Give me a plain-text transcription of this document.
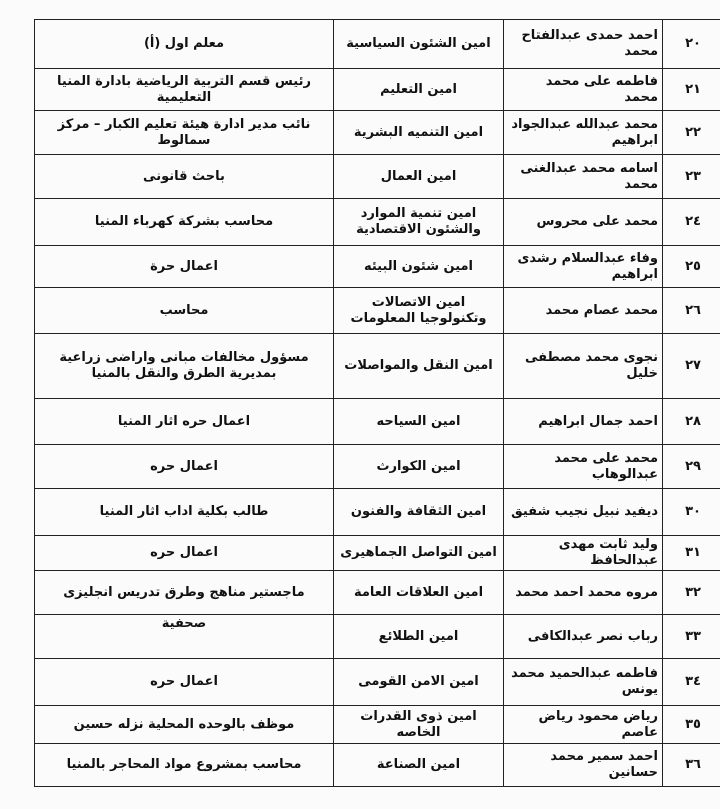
٢٠	احمد حمدى عبدالفتاح محمد	امين الشئون السياسية	معلم اول (أ)
٢١	فاطمه على محمد محمد	امين التعليم	رئيس قسم التربية الرياضية بادارة المنيا التعليمية
٢٢	محمد عبدالله عبدالجواد ابراهيم	امين التنميه البشرية	نائب مدير ادارة هيئة تعليم الكبار – مركز سمالوط
٢٣	اسامه محمد عبدالغنى محمد	امين العمال	باحث قانونى
٢٤	محمد على محروس	امين تنمية الموارد والشئون الاقتصادية	محاسب بشركة كهرباء المنيا
٢٥	وفاء عبدالسلام رشدى ابراهيم	امين شئون البيئه	اعمال حرة
٢٦	محمد عصام محمد	امين الاتصالات وتكنولوجيا المعلومات	محاسب
٢٧	نجوى محمد مصطفى خليل	امين النقل والمواصلات	مسؤول مخالفات مبانى واراضى زراعية بمديرية الطرق والنقل بالمنيا
٢٨	احمد جمال ابراهيم	امين السياحه	اعمال حره اثار المنيا
٢٩	محمد على محمد عبدالوهاب	امين الكوارث	اعمال حره
٣٠	ديفيد نبيل نجيب شفيق	امين الثقافة والفنون	طالب بكلية اداب اثار المنيا
٣١	وليد ثابت مهدى عبدالحافظ	امين التواصل الجماهيرى	اعمال حره
٣٢	مروه محمد احمد محمد	امين العلاقات العامة	ماجستير مناهج وطرق تدريس انجليزى
٣٣	رباب نصر عبدالكافى	امين الطلائع	صحفية
٣٤	فاطمه عبدالحميد محمد يونس	امين الامن القومى	اعمال حره
٣٥	رياض محمود رياض عاصم	امين ذوى القدرات الخاصه	موظف بالوحده المحلية نزله حسين
٣٦	احمد سمير محمد حسانين	امين الصناعة	محاسب بمشروع مواد المحاجر بالمنيا
